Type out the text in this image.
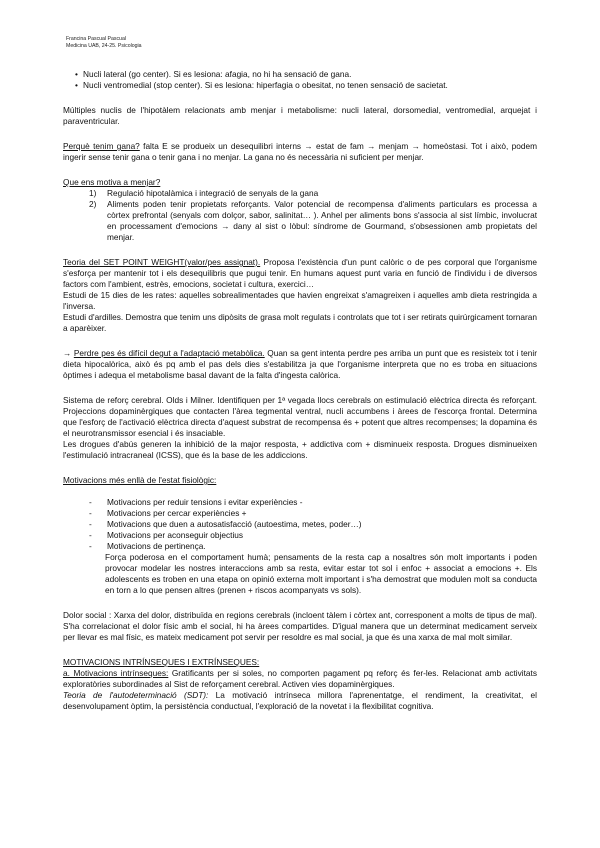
Francina Pascual Pascual
Medicina UAB, 24-25. Psicologia
• Nucli lateral (go center). Si es lesiona: afagia, no hi ha sensació de gana.
• Nucli ventromedial (stop center). Si es lesiona: hiperfagia o obesitat, no tenen sensació de sacietat.

Múltiples nuclis de l'hipotàlem relacionats amb menjar i metabolisme: nucli lateral, dorsomedial, ventromedial, arquejat i paraventricular.

Perquè tenim gana? falta E se produeix un desequilibri interns → estat de fam → menjam → homeòstasi. Tot i això, podem ingerir sense tenir gana o tenir gana i no menjar. La gana no és necessària ni suficient per menjar.

Que ens motiva a menjar?

1) Regulació hipotalàmica i integració de senyals de la gana
2) Aliments poden tenir propietats reforçants. Valor potencial de recompensa d'aliments particulars es processa a còrtex prefrontal (senyals com dolçor, sabor, salinitat… ). Anhel per aliments bons s'associa al sist límbic, involucrat en processament d'emocions → dany al sist o lòbul: síndrome de Gourmand, s'obsessionen amb propietats del menjar.

Teoria del SET POINT WEIGHT(valor/pes assignat). Proposa l'existència d'un punt calòric o de pes corporal que l'organisme s'esforça per mantenir tot i els desequilibris que pugui tenir. En humans aquest punt varia en funció de l'individu i de diversos factors com l'ambient, estrès, emocions, societat i cultura, exercici…

Estudi de 15 dies de les rates: aquelles sobrealimentades que havien engreixat s'amagreixen i aquelles amb dieta restringida a l'inversa.

Estudi d'ardilles. Demostra que tenim uns dipòsits de grasa molt regulats i controlats que tot i ser retirats quirúrgicament tornaran a aparèixer.

→ Perdre pes és difícil degut a l'adaptació metabòlica. Quan sa gent intenta perdre pes arriba un punt que es resisteix tot i tenir dieta hipocalòrica, això és pq amb el pas dels dies s'estabilitza ja que l'organisme interpreta que no es troba en situacions òptimes i adequa el metabolisme basal davant de la falta d'ingesta calòrica.

Sistema de reforç cerebral. Olds i Milner. Identifiquen per 1ª vegada llocs cerebrals on estimulació elèctrica directa és reforçant. Projeccions dopaminèrgiques que contacten l'àrea tegmental ventral, nucli accumbens i àrees de l'escorça frontal. Determina que l'esforç de l'activació elèctrica directa d'aquest substrat de recompensa és + potent que altres recompenses; la dopamina és el neurotransmissor esencial i és insaciable.

Les drogues d'abús generen la inhibició de la major resposta, + addictiva com + disminueix resposta. Drogues disminueixen l'estimulació intracraneal (ICSS), que és la base de les addiccions.

Motivacions més enllà de l'estat fisiològic:

- Motivacions per reduir tensions i evitar experiències -
- Motivacions per cercar experiències +
- Motivacions que duen a autosatisfacció (autoestima, metes, poder…)
- Motivacions per aconseguir objectius
- Motivacions de pertinença.

Força poderosa en el comportament humà; pensaments de la resta cap a nosaltres són molt importants i poden provocar modelar les nostres interaccions amb sa resta, evitar estar tot sol i enfoc + associat a emocions +. Els adolescents es troben en una etapa on opinió externa molt important i s'ha demostrat que modulen molt sa conducta en torn a lo que pensen altres (prenen + riscos acompanyats vs sols).

Dolor social : Xarxa del dolor, distribuïda en regions cerebrals (incloent tàlem i còrtex ant, corresponent a molts de tipus de mal). S'ha correlacionat el dolor físic amb el social, hi ha àrees compartides. D'igual manera que un determinat medicament serveix per llevar es mal físic, es mateix medicament pot servir per resoldre es mal social, ja que és una xarxa de mal molt similar.

MOTIVACIONS INTRÍNSEQUES I EXTRÍNSEQUES:

a. Motivacions intrínseques: Gratificants per si soles, no comporten pagament pq reforç és fer-les. Relacionat amb activitats exploratòries subordinades al Sist de reforçament cerebral. Activen vies dopaminèrgiques.

Teoria de l'autodeterminació (SDT): La motivació intrínseca millora l'aprenentatge, el rendiment, la creativitat, el desenvolupament òptim, la persistència conductual, l'exploració de la novetat i la flexibilitat cognitiva.
